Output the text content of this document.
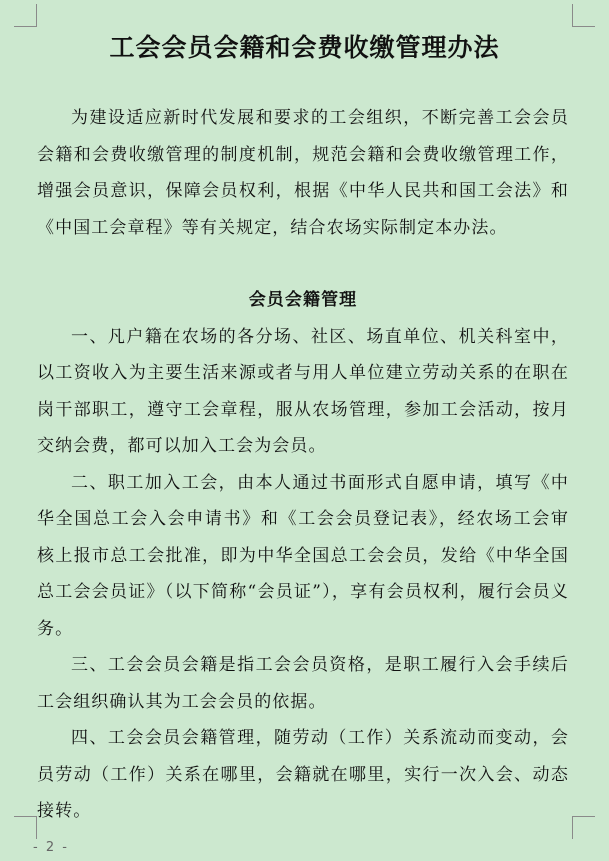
工会会员会籍和会费收缴管理办法

为建设适应新时代发展和要求的工会组织，不断完善工会会员会籍和会费收缴管理的制度机制，规范会籍和会费收缴管理工作，增强会员意识，保障会员权利，根据《中华人民共和国工会法》和《中国工会章程》等有关规定，结合农场实际制定本办法。

会员会籍管理

一、凡户籍在农场的各分场、社区、场直单位、机关科室中，以工资收入为主要生活来源或者与用人单位建立劳动关系的在职在岗干部职工，遵守工会章程，服从农场管理，参加工会活动，按月交纳会费，都可以加入工会为会员。

二、职工加入工会，由本人通过书面形式自愿申请，填写《中华全国总工会入会申请书》和《工会会员登记表》，经农场工会审核上报市总工会批准，即为中华全国总工会会员，发给《中华全国总工会会员证》（以下简称“会员证”），享有会员权利，履行会员义务。

三、工会会员会籍是指工会会员资格，是职工履行入会手续后工会组织确认其为工会会员的依据。

四、工会会员会籍管理，随劳动（工作）关系流动而变动，会员劳动（工作）关系在哪里，会籍就在哪里，实行一次入会、动态接转。

- 2 -
